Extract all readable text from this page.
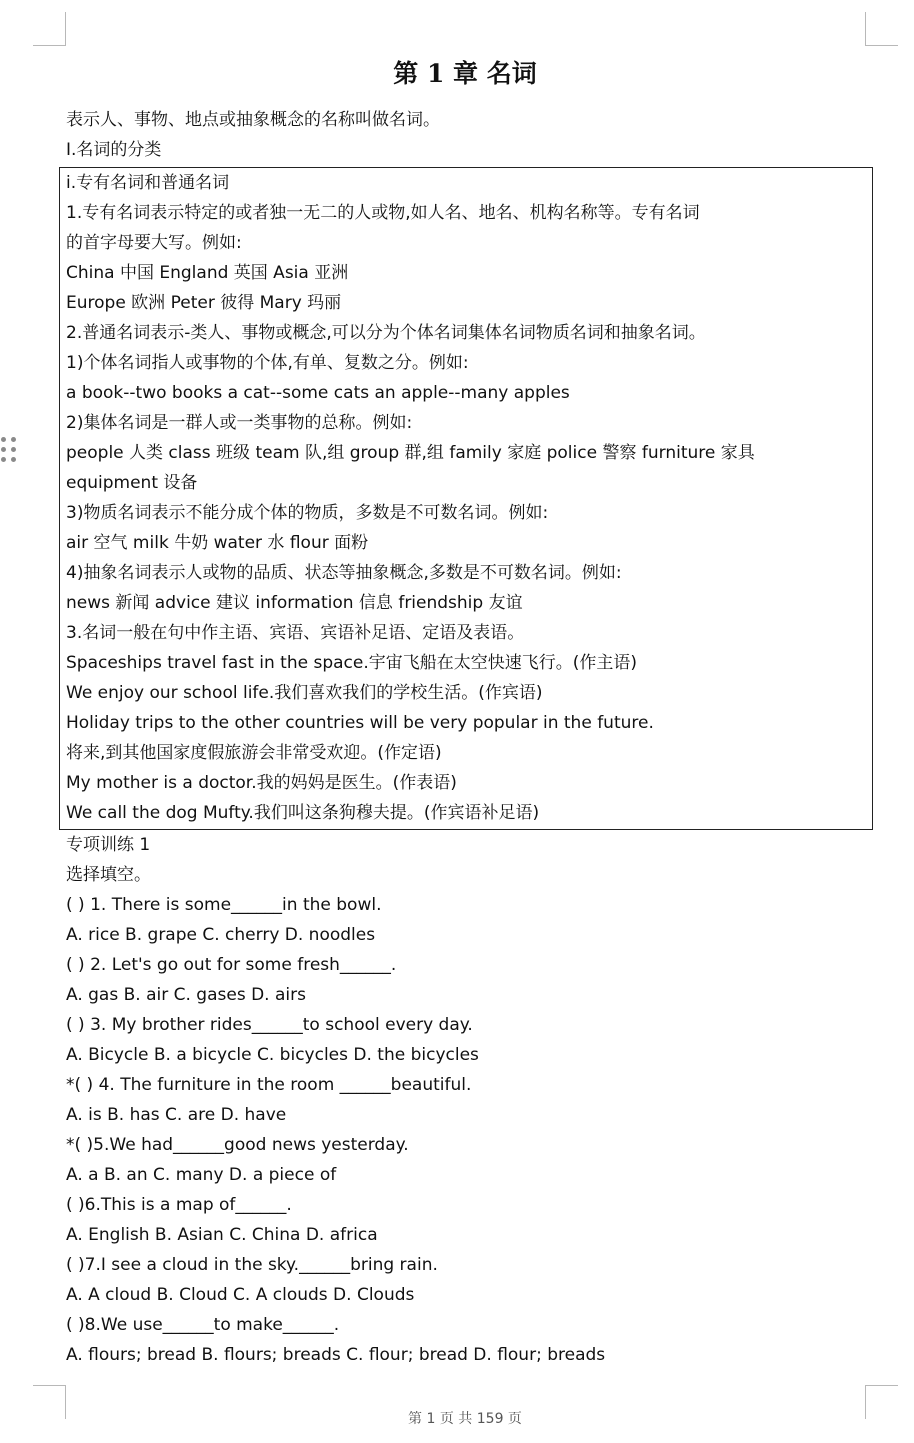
第 1 章 名词
表示人、事物、地点或抽象概念的名称叫做名词。
I.名词的分类
i.专有名词和普通名词
1.专有名词表示特定的或者独一无二的人或物,如人名、地名、机构名称等。专有名词
的首字母要大写。例如:
China 中国 England 英国 Asia 亚洲
Europe 欧洲 Peter 彼得 Mary 玛丽
2.普通名词表示-类人、事物或概念,可以分为个体名词集体名词物质名词和抽象名词。
1)个体名词指人或事物的个体,有单、复数之分。例如:
a book--two books a cat--some cats an apple--many apples
2)集体名词是一群人或一类事物的总称。例如:
people 人类 class 班级 team 队,组 group 群,组 family 家庭 police 警察 furniture 家具
equipment 设备
3)物质名词表示不能分成个体的物质，多数是不可数名词。例如:
air 空气 milk 牛奶 water 水 flour 面粉
4)抽象名词表示人或物的品质、状态等抽象概念,多数是不可数名词。例如:
news 新闻 advice 建议 information 信息 friendship 友谊
3.名词一般在句中作主语、宾语、宾语补足语、定语及表语。
Spaceships travel fast in the space.宇宙飞船在太空快速飞行。(作主语)
We enjoy our school life.我们喜欢我们的学校生活。(作宾语)
Holiday trips to the other countries will be very popular in the future.
将来,到其他国家度假旅游会非常受欢迎。(作定语)
My mother is a doctor.我的妈妈是医生。(作表语)
We call the dog Mufty.我们叫这条狗穆夫提。(作宾语补足语)
专项训练 1
选择填空。
( ) 1. There is some______in the bowl.
A. rice B. grape C. cherry D. noodles
( ) 2. Let's go out for some fresh______.
A. gas B. air C. gases D. airs
( ) 3. My brother rides______to school every day.
A. Bicycle B. a bicycle C. bicycles D. the bicycles
*( ) 4. The furniture in the room ______beautiful.
A. is B. has C. are D. have
*( )5.We had______good news yesterday.
A. a B. an C. many D. a piece of
( )6.This is a map of______.
A. English B. Asian C. China D. africa
( )7.I see a cloud in the sky.______bring rain.
A. A cloud B. Cloud C. A clouds D. Clouds
( )8.We use______to make______.
A. flours; bread B. flours; breads C. flour; bread D. flour; breads
第 1 页 共 159 页
